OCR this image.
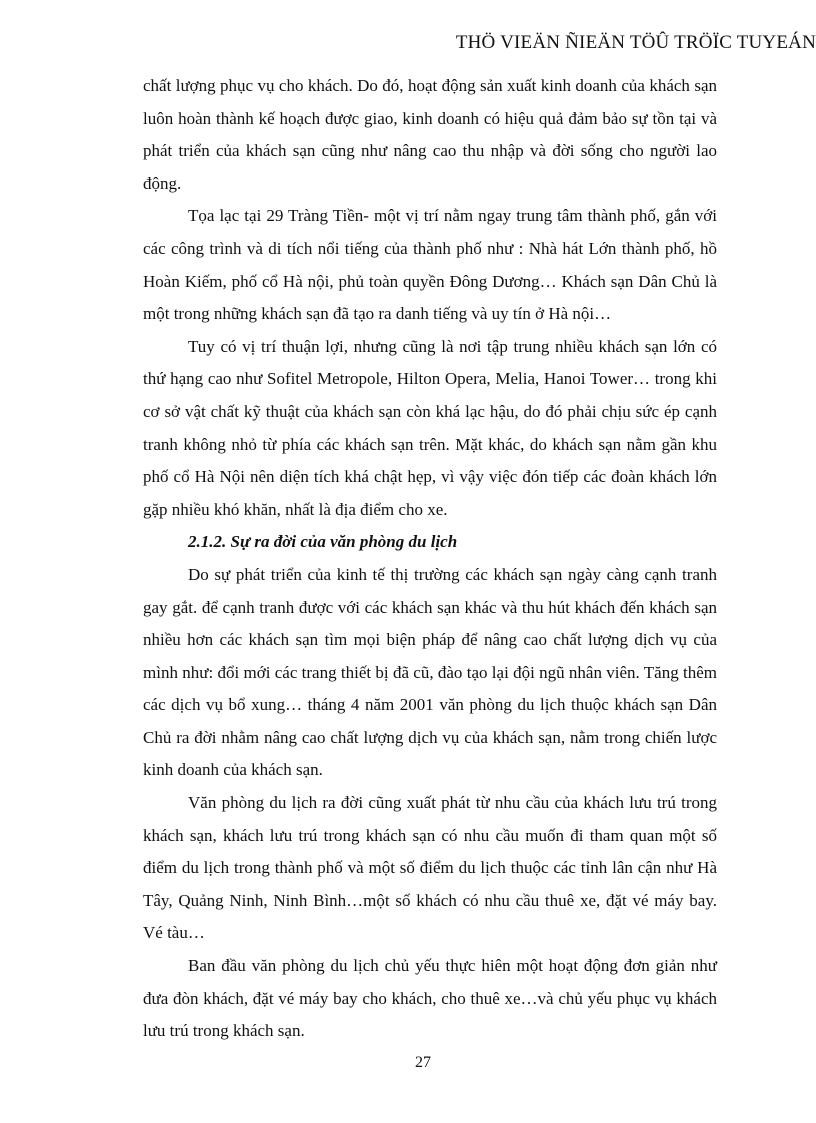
THÖ VIEÄN ÑIEÄN TÖÛ TRÖÏC TUYEÁN

chất lượng phục vụ cho khách. Do đó, hoạt động sản xuất kinh doanh của khách sạn luôn hoàn thành kế hoạch được giao, kinh doanh có hiệu quả đảm bảo sự tồn tại và phát triển của khách sạn cũng như nâng cao thu nhập và đời sống cho người lao động.

Tọa lạc tại 29 Tràng Tiền- một vị trí nằm ngay trung tâm thành phố, gắn với các công trình và di tích nổi tiếng của thành phố như : Nhà hát Lớn thành phố, hồ Hoàn Kiếm, phố cổ Hà nội, phủ toàn quyền Đông Dương… Khách sạn Dân Chủ là một trong những khách sạn đã tạo ra danh tiếng và uy tín ở Hà nội…

Tuy có vị trí thuận lợi, nhưng cũng là nơi tập trung nhiều khách sạn lớn có thứ hạng cao như Sofitel Metropole, Hilton Opera, Melia, Hanoi Tower… trong khi cơ sở vật chất kỹ thuật của khách sạn còn khá lạc hậu, do đó phải chịu sức ép cạnh tranh không nhỏ từ phía các khách sạn trên. Mặt khác, do khách sạn nằm gần khu phố cổ Hà Nội nên diện tích khá chật hẹp, vì vậy việc đón tiếp các đoàn khách lớn gặp nhiều khó khăn, nhất là địa điểm cho xe.

2.1.2. Sự ra đời của văn phòng du lịch

Do sự phát triển của kinh tế thị trường các khách sạn ngày càng cạnh tranh gay gắt. để cạnh tranh được với các khách sạn khác và thu hút khách đến khách sạn nhiều hơn các khách sạn tìm mọi biện pháp để nâng cao chất lượng dịch vụ của mình như: đổi mới các trang thiết bị đã cũ, đào tạo lại đội ngũ nhân viên. Tăng thêm các dịch vụ bổ xung… tháng 4 năm 2001 văn phòng du lịch thuộc khách sạn Dân Chủ ra đời nhằm nâng cao chất lượng dịch vụ của khách sạn, nằm trong chiến lược kinh doanh của khách sạn.

Văn phòng du lịch ra đời cũng xuất phát từ nhu cầu của khách lưu trú trong khách sạn, khách lưu trú trong khách sạn có nhu cầu muốn đi tham quan một số điểm du lịch trong thành phố và một số điểm du lịch thuộc các tỉnh lân cận như Hà Tây, Quảng Ninh, Ninh Bình…một số khách có nhu cầu thuê xe, đặt vé máy bay. Vé tàu…

Ban đầu văn phòng du lịch chủ yếu thực hiên một hoạt động đơn giản như đưa đòn khách, đặt vé máy bay cho khách, cho thuê xe…và chủ yếu phục vụ khách lưu trú trong khách sạn.

27
